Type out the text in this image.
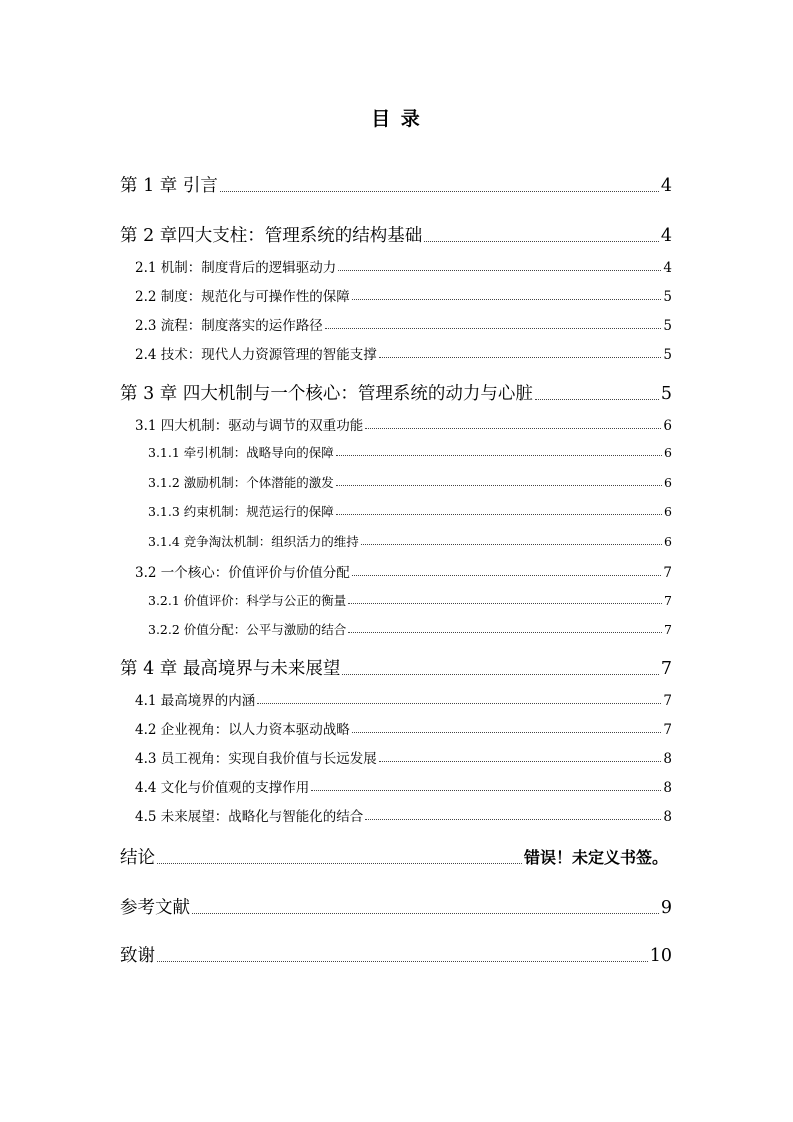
目 录
第 1 章 引言	4
第 2 章四大支柱：管理系统的结构基础	4
2.1 机制：制度背后的逻辑驱动力	4
2.2 制度：规范化与可操作性的保障	5
2.3 流程：制度落实的运作路径	5
2.4 技术：现代人力资源管理的智能支撑	5
第 3 章 四大机制与一个核心：管理系统的动力与心脏	5
3.1 四大机制：驱动与调节的双重功能	6
3.1.1 牵引机制：战略导向的保障	6
3.1.2 激励机制：个体潜能的激发	6
3.1.3 约束机制：规范运行的保障	6
3.1.4 竞争淘汰机制：组织活力的维持	6
3.2 一个核心：价值评价与价值分配	7
3.2.1 价值评价：科学与公正的衡量	7
3.2.2 价值分配：公平与激励的结合	7
第 4 章 最高境界与未来展望	7
4.1 最高境界的内涵	7
4.2 企业视角：以人力资本驱动战略	7
4.3 员工视角：实现自我价值与长远发展	8
4.4 文化与价值观的支撑作用	8
4.5 未来展望：战略化与智能化的结合	8
结论	错误！未定义书签。
参考文献	9
致谢	10
